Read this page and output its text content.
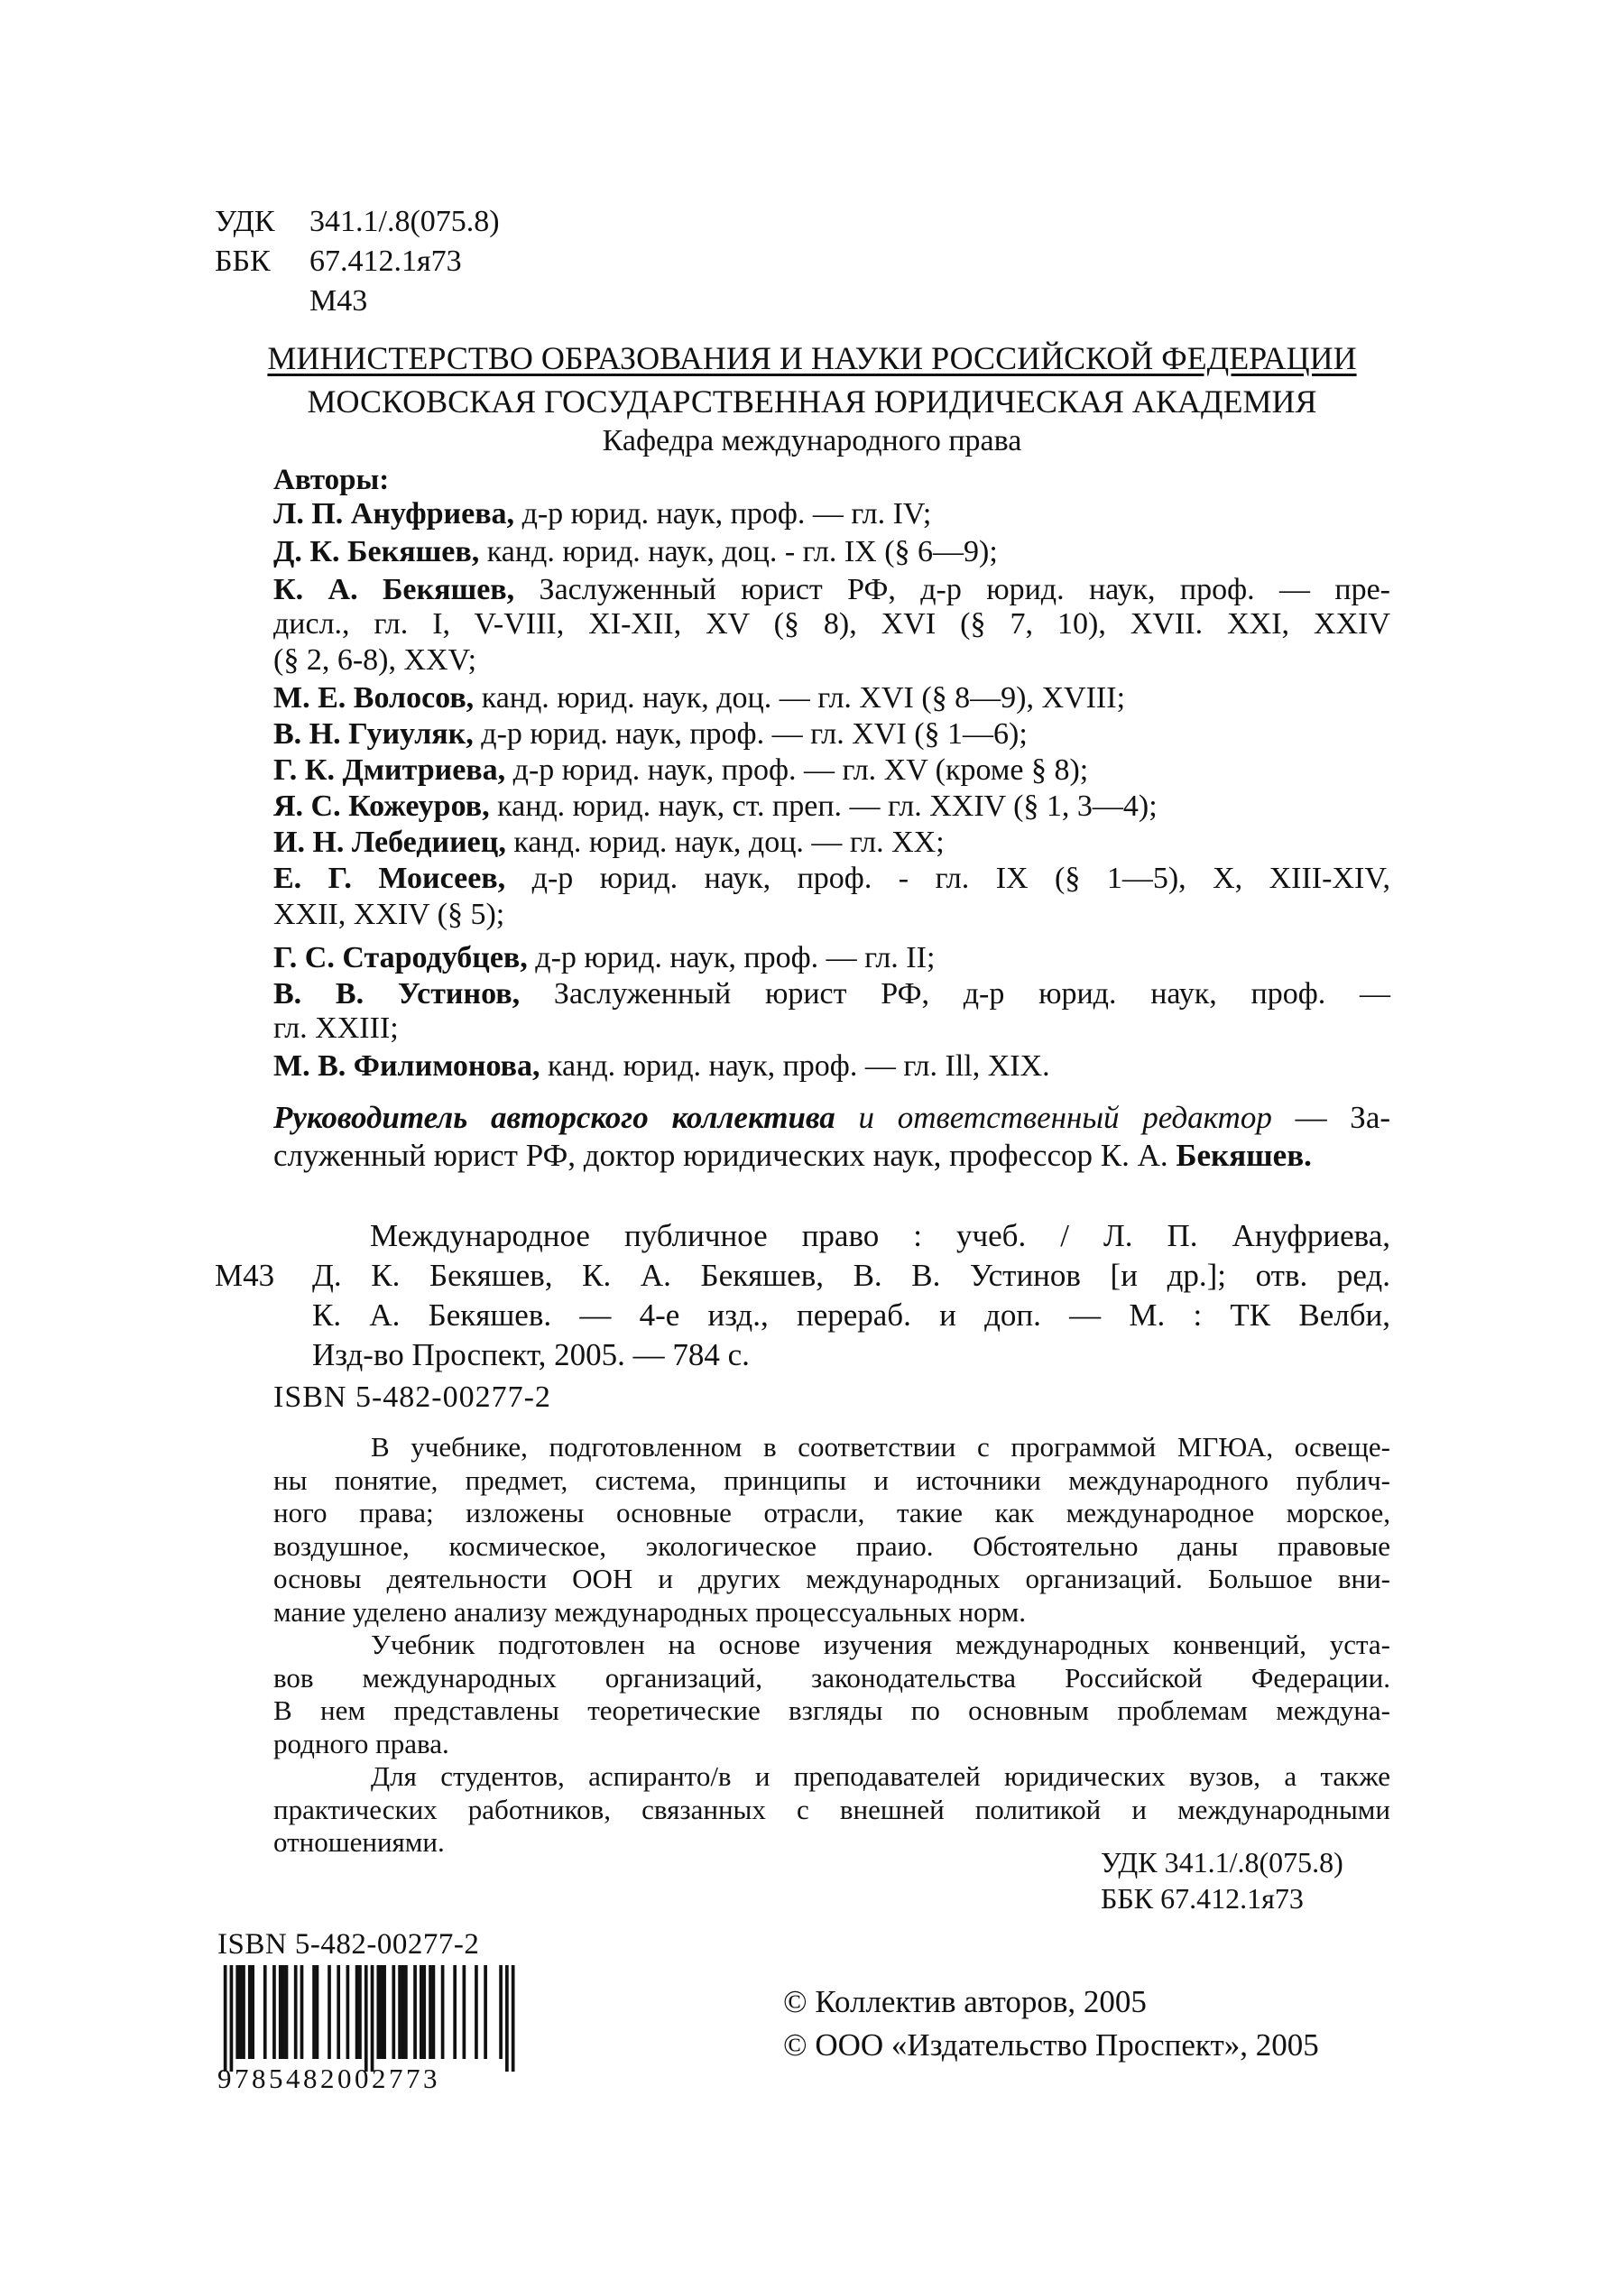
УДК	341.1/.8(075.8)
ББК	67.412.1я73
М43
МИНИСТЕРСТВО ОБРАЗОВАНИЯ И НАУКИ РОССИЙСКОЙ ФЕДЕРАЦИИ
МОСКОВСКАЯ ГОСУДАРСТВЕННАЯ ЮРИДИЧЕСКАЯ АКАДЕМИЯ
Кафедра международного права
Авторы:
Л. П. Ануфриева, д-р юрид. наук, проф. — гл. IV;
Д. К. Бекяшев, канд. юрид. наук, доц. - гл. IX (§ 6—9);
К. А. Бекяшев, Заслуженный юрист РФ, д-р юрид. наук, проф. — пре-
дисл., гл. I, V-VIII, XI-XII, XV (§ 8), XVI (§ 7, 10), XVII. XXI, XXIV
(§ 2, 6-8), XXV;
М. Е. Волосов, канд. юрид. наук, доц. — гл. XVI (§ 8—9), XVIII;
В. Н. Гуиуляк, д-р юрид. наук, проф. — гл. XVI (§ 1—6);
Г. К. Дмитриева, д-р юрид. наук, проф. — гл. XV (кроме § 8);
Я. С. Кожеуров, канд. юрид. наук, ст. преп. — гл. XXIV (§ 1, 3—4);
И. Н. Лебедииец, канд. юрид. наук, доц. — гл. XX;
Е. Г. Моисеев, д-р юрид. наук, проф. - гл. IX (§ 1—5), X, XIII-XIV,
XXII, XXIV (§ 5);
Г. С. Стародубцев, д-р юрид. наук, проф. — гл. II;
В. В. Устинов, Заслуженный юрист РФ, д-р юрид. наук, проф. —
гл. XXIII;
М. В. Филимонова, канд. юрид. наук, проф. — гл. Ill, XIX.

Руководитель авторского коллектива и ответственный редактор — За-

служенный юрист РФ, доктор юридических наук, профессор К. А. Бекяшев.

Международное публичное право : учеб. / Л. П. Ануфриева,
М43	Д. К. Бекяшев, К. А. Бекяшев, В. В. Устинов [и др.]; отв. ред.
К. А. Бекяшев. — 4-е изд., перераб. и доп. — М. : ТК Велби,
Изд-во Проспект, 2005. — 784 с.
ISBN 5-482-00277-2
В учебнике, подготовленном в соответствии с программой МГЮА, освеще-
ны понятие, предмет, система, принципы и источники международного публич-
ного права; изложены основные отрасли, такие как международное морское,
воздушное, космическое, экологическое праио. Обстоятельно даны правовые
основы деятельности ООН и других международных организаций. Большое вни-
мание уделено анализу международных процессуальных норм.
Учебник подготовлен на основе изучения международных конвенций, уста-
вов международных организаций, законодательства Российской Федерации.
В нем представлены теоретические взгляды по основным проблемам междуна-
родного права.
Для студентов, аспиранто/в и преподавателей юридических вузов, а также
практических работников, связанных с внешней политикой и международными
отношениями.
УДК 341.1/.8(075.8)
ББК 67.412.1я73
ISBN 5-482-00277-2
9785482002773
© Коллектив авторов, 2005
© ООО «Издательство Проспект», 2005
